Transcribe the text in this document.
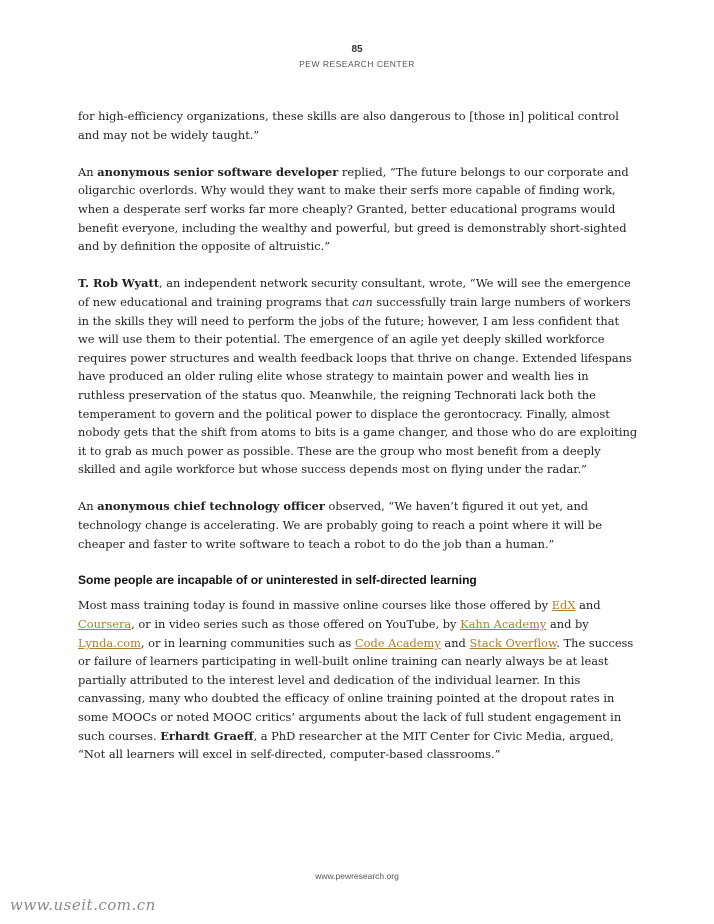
85
PEW RESEARCH CENTER

for high-efficiency organizations, these skills are also dangerous to [those in] political control and may not be widely taught.”

An anonymous senior software developer replied, “The future belongs to our corporate and oligarchic overlords. Why would they want to make their serfs more capable of finding work, when a desperate serf works far more cheaply? Granted, better educational programs would benefit everyone, including the wealthy and powerful, but greed is demonstrably short-sighted and by definition the opposite of altruistic.”

T. Rob Wyatt, an independent network security consultant, wrote, “We will see the emergence of new educational and training programs that can successfully train large numbers of workers in the skills they will need to perform the jobs of the future; however, I am less confident that we will use them to their potential. The emergence of an agile yet deeply skilled workforce requires power structures and wealth feedback loops that thrive on change. Extended lifespans have produced an older ruling elite whose strategy to maintain power and wealth lies in ruthless preservation of the status quo. Meanwhile, the reigning Technorati lack both the temperament to govern and the political power to displace the gerontocracy. Finally, almost nobody gets that the shift from atoms to bits is a game changer, and those who do are exploiting it to grab as much power as possible. These are the group who most benefit from a deeply skilled and agile workforce but whose success depends most on flying under the radar.”

An anonymous chief technology officer observed, “We haven’t figured it out yet, and technology change is accelerating. We are probably going to reach a point where it will be cheaper and faster to write software to teach a robot to do the job than a human.”

Some people are incapable of or uninterested in self-directed learning

Most mass training today is found in massive online courses like those offered by EdX and Coursera, or in video series such as those offered on YouTube, by Kahn Academy and by Lynda.com, or in learning communities such as Code Academy and Stack Overflow. The success or failure of learners participating in well-built online training can nearly always be at least partially attributed to the interest level and dedication of the individual learner. In this canvassing, many who doubted the efficacy of online training pointed at the dropout rates in some MOOCs or noted MOOC critics’ arguments about the lack of full student engagement in such courses. Erhardt Graeff, a PhD researcher at the MIT Center for Civic Media, argued, “Not all learners will excel in self-directed, computer-based classrooms.”

www.pewresearch.org
www.useit.com.cn
